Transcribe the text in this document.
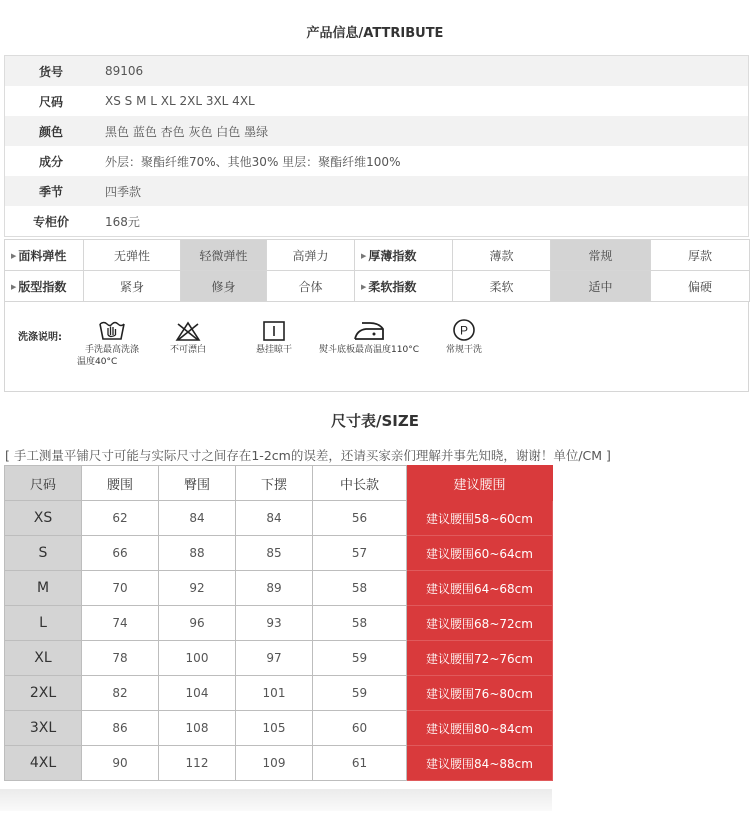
产品信息/ATTRIBUTE
货号	89106
尺码	XS S M L XL 2XL 3XL 4XL
颜色	黑色 蓝色 杏色 灰色 白色 墨绿
成分	外层：聚酯纤维70%、其他30% 里层：聚酯纤维100%
季节	四季款
专柜价	168元
▶ 面料弹性	无弹性	轻微弹性	高弹力	▶ 厚薄指数	薄款	常规	厚款
▶ 版型指数	紧身	修身	合体	▶ 柔软指数	柔软	适中	偏硬
洗涤说明:
手洗最高洗涤
温度40°C
不可漂白	悬挂晾干	熨斗底板最高温度110°C
P
常规干洗
尺寸表/SIZE
[ 手工测量平铺尺寸可能与实际尺寸之间存在1-2cm的误差，还请买家亲们理解并事先知晓，谢谢！单位/CM ]
尺码	腰围	臀围	下摆	中长款	建议腰围
XS	62	84	84	56	建议腰围58~60cm
S	66	88	85	57	建议腰围60~64cm
M	70	92	89	58	建议腰围64~68cm
L	74	96	93	58	建议腰围68~72cm
XL	78	100	97	59	建议腰围72~76cm
2XL	82	104	101	59	建议腰围76~80cm
3XL	86	108	105	60	建议腰围80~84cm
4XL	90	112	109	61	建议腰围84~88cm
